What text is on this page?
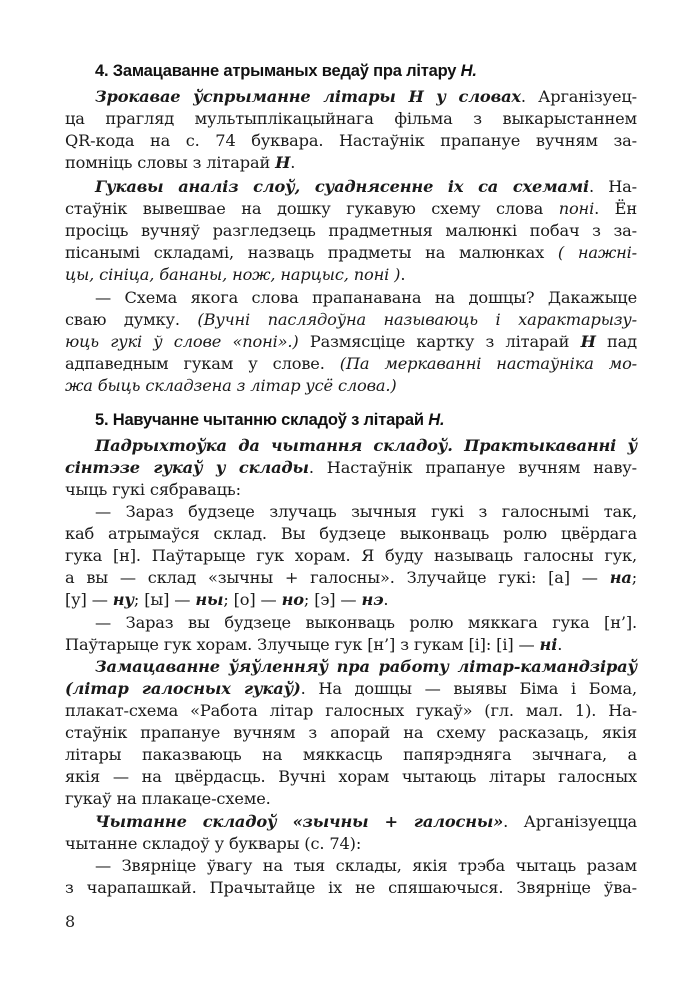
4. Замацаванне атрыманых ведаў пра літару Н.
Зрокавае ўспрыманне літары Н у словах. Арганізуец-
ца прагляд мультыплікацыйнага фільма з выкарыстаннем
QR-кода на с. 74 буквара. Настаўнік прапануе вучням за-
помніць словы з літарай Н.
Гукавы аналіз слоў, суаднясенне іх са схемамі. На-
стаўнік вывешвае на дошку гукавую схему слова поні. Ён
просіць вучняў разгледзець прадметныя малюнкі побач з за-
пісанымі складамі, назваць прадметы на малюнках ( нажні-
цы, сініца, бананы, нож, нарцыс, поні ).
— Схема якога слова прапанавана на дошцы? Дакажыце
сваю думку. (Вучні паслядоўна называюць і характарызу-
юць гукі ў слове «поні».) Размясціце картку з літарай Н пад
адпаведным гукам у слове. (Па меркаванні настаўніка мо-
жа быць складзена з літар усё слова.)
5. Навучанне чытанню складоў з літарай Н.
Падрыхтоўка да чытання складоў. Практыкаванні ў
сінтэзе гукаў у склады. Настаўнік прапануе вучням наву-
чыць гукі сябраваць:
— Зараз будзеце злучаць зычныя гукі з галоснымі так,
каб атрымаўся склад. Вы будзеце выконваць ролю цвёрдага
гука [н]. Паўтарыце гук хорам. Я буду называць галосны гук,
а вы — склад «зычны + галосны». Злучайце гукі: [а] — на;
[у] — ну; [ы] — ны; [о] — но; [э] — нэ.
— Зараз вы будзеце выконваць ролю мяккага гука [н’].
Паўтарыце гук хорам. Злучыце гук [н’] з гукам [і]: [і] — ні.
Замацаванне ўяўленняў пра работу літар-камандзіраў
(літар галосных гукаў). На дошцы — выявы Біма і Бома,
плакат-схема «Работа літар галосных гукаў» (гл. мал. 1). На-
стаўнік прапануе вучням з апорай на схему расказаць, якія
літары паказваюць на мяккасць папярэдняга зычнага, а
якія — на цвёрдасць. Вучні хорам чытаюць літары галосных
гукаў на плакаце-схеме.
Чытанне складоў «зычны + галосны». Арганізуецца
чытанне складоў у буквары (с. 74):
— Звярніце ўвагу на тыя склады, якія трэба чытаць разам
з чарапашкай. Прачытайце іх не спяшаючыся. Звярніце ўва-
8
